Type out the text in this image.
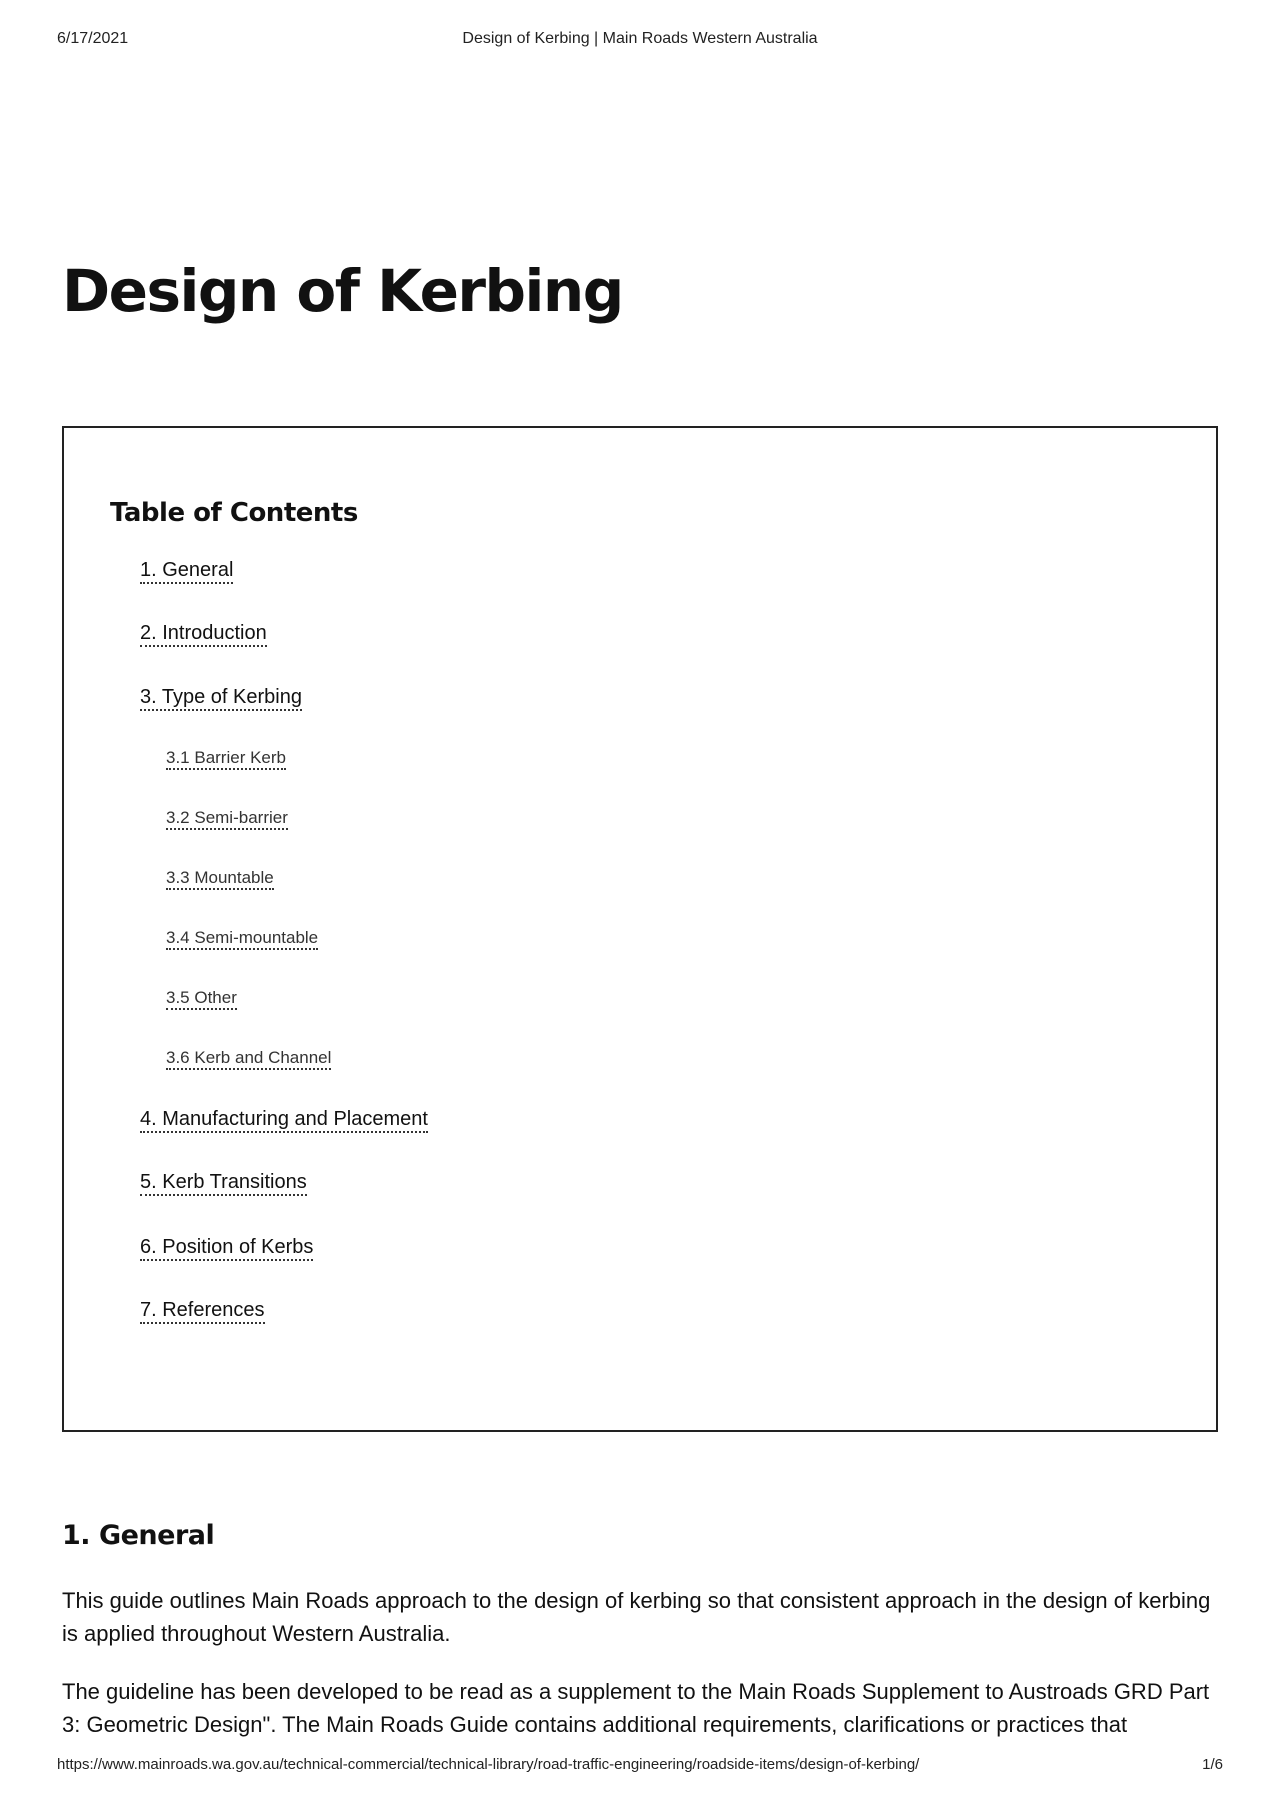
6/17/2021	Design of Kerbing | Main Roads Western Australia
Design of Kerbing
Table of Contents
1. General
2. Introduction
3. Type of Kerbing
3.1 Barrier Kerb
3.2 Semi-barrier
3.3 Mountable
3.4 Semi-mountable
3.5 Other
3.6 Kerb and Channel
4. Manufacturing and Placement
5. Kerb Transitions
6. Position of Kerbs
7. References
1. General

This guide outlines Main Roads approach to the design of kerbing so that consistent approach in the design of kerbing is applied throughout Western Australia.

The guideline has been developed to be read as a supplement to the Main Roads Supplement to Austroads GRD Part 3: Geometric Design". The Main Roads Guide contains additional requirements, clarifications or practices that

https://www.mainroads.wa.gov.au/technical-commercial/technical-library/road-traffic-engineering/roadside-items/design-of-kerbing/	1/6
